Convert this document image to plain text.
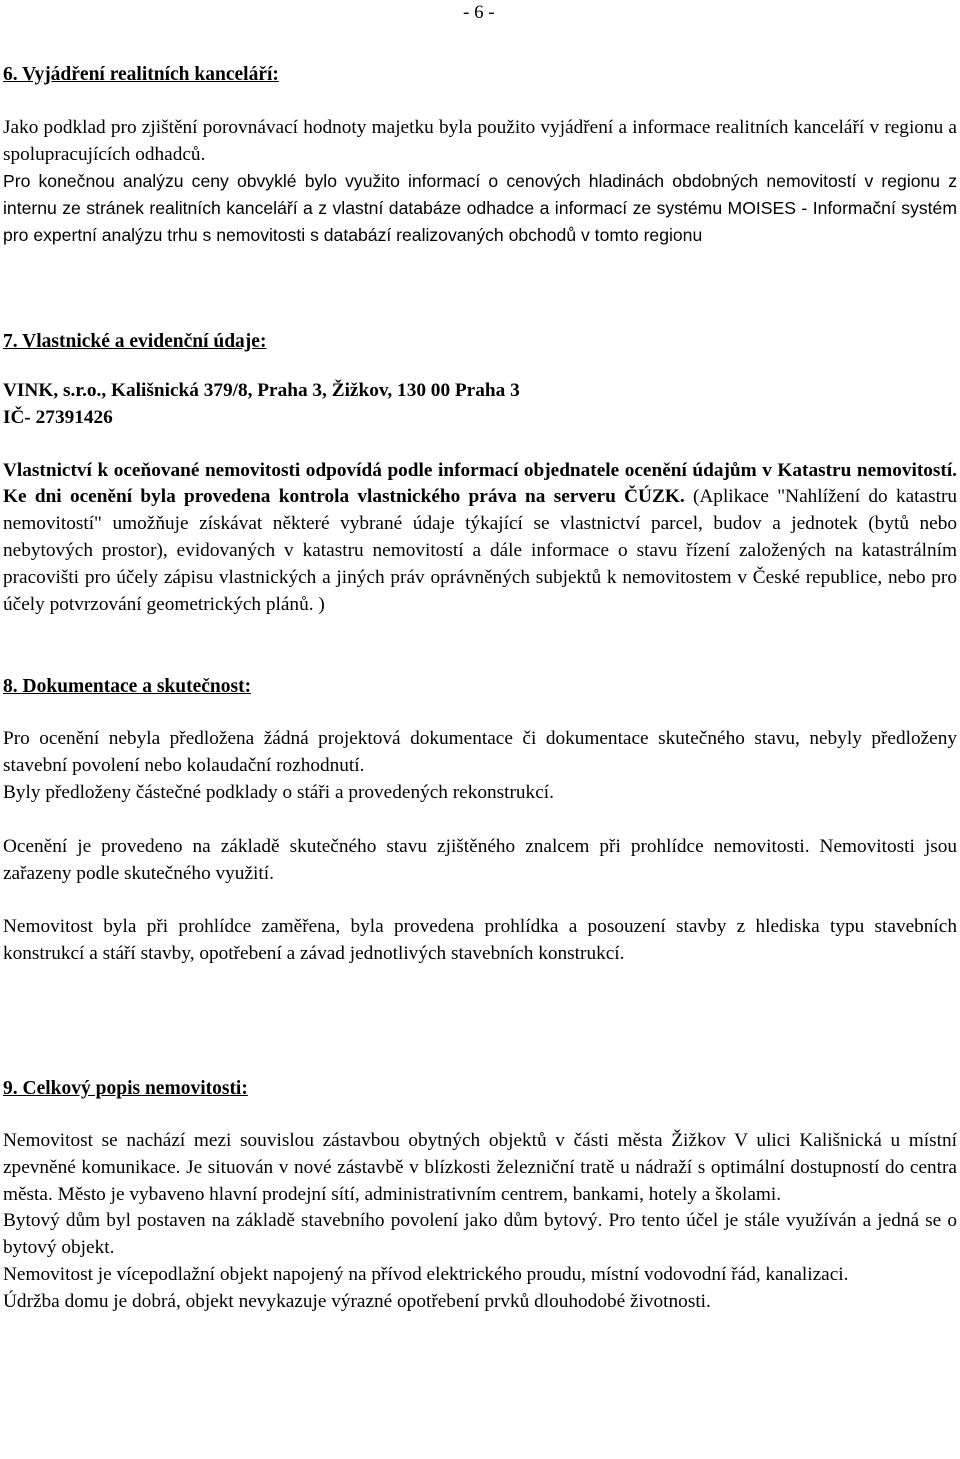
- 6 -
6. Vyjádření realitních kanceláří:

Jako podklad pro zjištění porovnávací hodnoty majetku byla použito vyjádření a informace realitních kanceláří v regionu a spolupracujících odhadců.

Pro konečnou analýzu ceny obvyklé bylo využito informací o cenových hladinách obdobných nemovitostí v regionu z internu ze stránek realitních kanceláří a z vlastní databáze odhadce a informací ze systému MOISES - Informační systém pro expertní analýzu trhu s nemovitosti s databází realizovaných obchodů v tomto regionu

7. Vlastnické a evidenční údaje:

VINK, s.r.o., Kališnická 379/8, Praha 3, Žižkov, 130 00 Praha 3

IČ- 27391426

Vlastnictví k oceňované nemovitosti odpovídá podle informací objednatele ocenění údajům v Katastru nemovitostí. Ke dni ocenění byla provedena kontrola vlastnického práva na serveru ČÚZK. (Aplikace "Nahlížení do katastru nemovitostí" umožňuje získávat některé vybrané údaje týkající se vlastnictví parcel, budov a jednotek (bytů nebo nebytových prostor), evidovaných v katastru nemovitostí a dále informace o stavu řízení založených na katastrálním pracovišti pro účely zápisu vlastnických a jiných práv oprávněných subjektů k nemovitostem v České republice, nebo pro účely potvrzování geometrických plánů. )

8. Dokumentace a skutečnost:

Pro ocenění nebyla předložena žádná projektová dokumentace či dokumentace skutečného stavu, nebyly předloženy stavební povolení nebo kolaudační rozhodnutí.

Byly předloženy částečné podklady o stáři a provedených rekonstrukcí.

Ocenění je provedeno na základě skutečného stavu zjištěného znalcem při prohlídce nemovitosti. Nemovitosti jsou zařazeny podle skutečného využití.

Nemovitost byla při prohlídce zaměřena, byla provedena prohlídka a posouzení stavby z hlediska typu stavebních konstrukcí a stáří stavby, opotřebení a závad jednotlivých stavebních konstrukcí.

9. Celkový popis nemovitosti:

Nemovitost se nachází mezi souvislou zástavbou obytných objektů v části města Žižkov V ulici Kališnická u místní zpevněné komunikace. Je situován v nové zástavbě v blízkosti železniční tratě u nádraží s optimální dostupností do centra města. Město je vybaveno hlavní prodejní sítí, administrativním centrem, bankami, hotely a školami.

Bytový dům byl postaven na základě stavebního povolení jako dům bytový. Pro tento účel je stále využíván a jedná se o bytový objekt.

Nemovitost je vícepodlažní objekt napojený na přívod elektrického proudu, místní vodovodní řád, kanalizaci.

Údržba domu je dobrá, objekt nevykazuje výrazné opotřebení prvků dlouhodobé životnosti.
